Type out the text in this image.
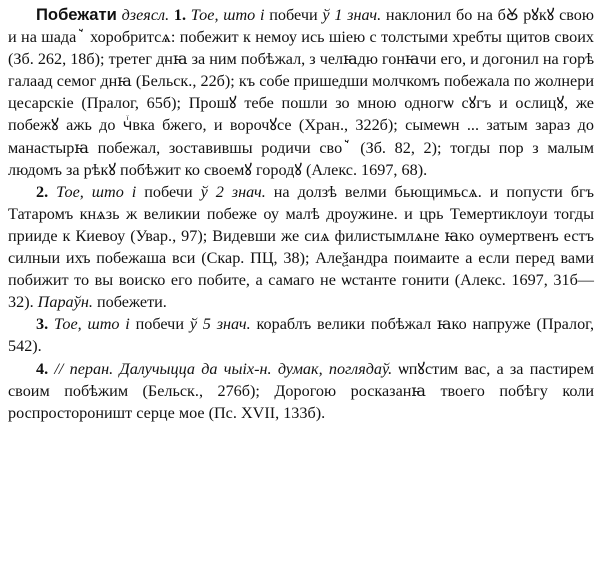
Побежати дзеясл. 1. Тое, што і побечи ў 1 знач. наклонил бо на бꙊ рꙋкꙋ свою и на шадаꙿ хоробритсѧ: побежит к немоу ись шіею с толстыми хребты щитов своих (Зб. 262, 18б); третег днꙗ за ним побѣжал, з челꙗдю гонꙗчи его, и догонил на горѣ галаад семог днꙗ (Бельск., 22б); къ собе пришедши молчкомъ побежала по жолнери цесарскіе (Пралог, 65б); Прошꙋ тебе пошли зо мною одногѡ сꙋгъ и ослицꙋ, же побежꙋ ажь до чꙶвка бжего, и ворочꙋсе (Хран., 322б); сымеѡн ... затым зараз до манастырꙗ побежал, зоставившы родичи своꙿ (Зб. 82, 2); тогды пор з малым людомъ за рѣкꙋ побѣжит ко своемꙋ городꙋ (Алекс. 1697, 68).

2. Тое, што і побечи ў 2 знач. на долзѣ велми бьющимьсѧ. и попусти бгъ Татаромъ кнѧзь ж великии побеже оу малѣ дроужине. и црь Темертиклоуи тогды прииде к Киевоу (Увар., 97); Видевши же сиѧ филистымлѧне ꙗко оумертвенъ естъ силныи ихъ побежаша вси (Скар. ПЦ, 38); Алеѯандра поимаите а если перед вами побижит то вы воиско его побите, а самаго не ѡстанте гонити (Алекс. 1697, 31б—32). Параўн. побежети.

3. Тое, што і побечи ў 5 знач. кораблъ велики побѣжал ꙗко напруже (Пралог, 542).

4. // перан. Далучыцца да чыіх-н. думак, поглядаў. ѡпꙋстим вас, а за пастирем своим побѣжим (Бельск., 276б); Дорогою росказанꙗ твоего побѣгу коли роспростороништ серце мое (Пс. XVII, 133б).
